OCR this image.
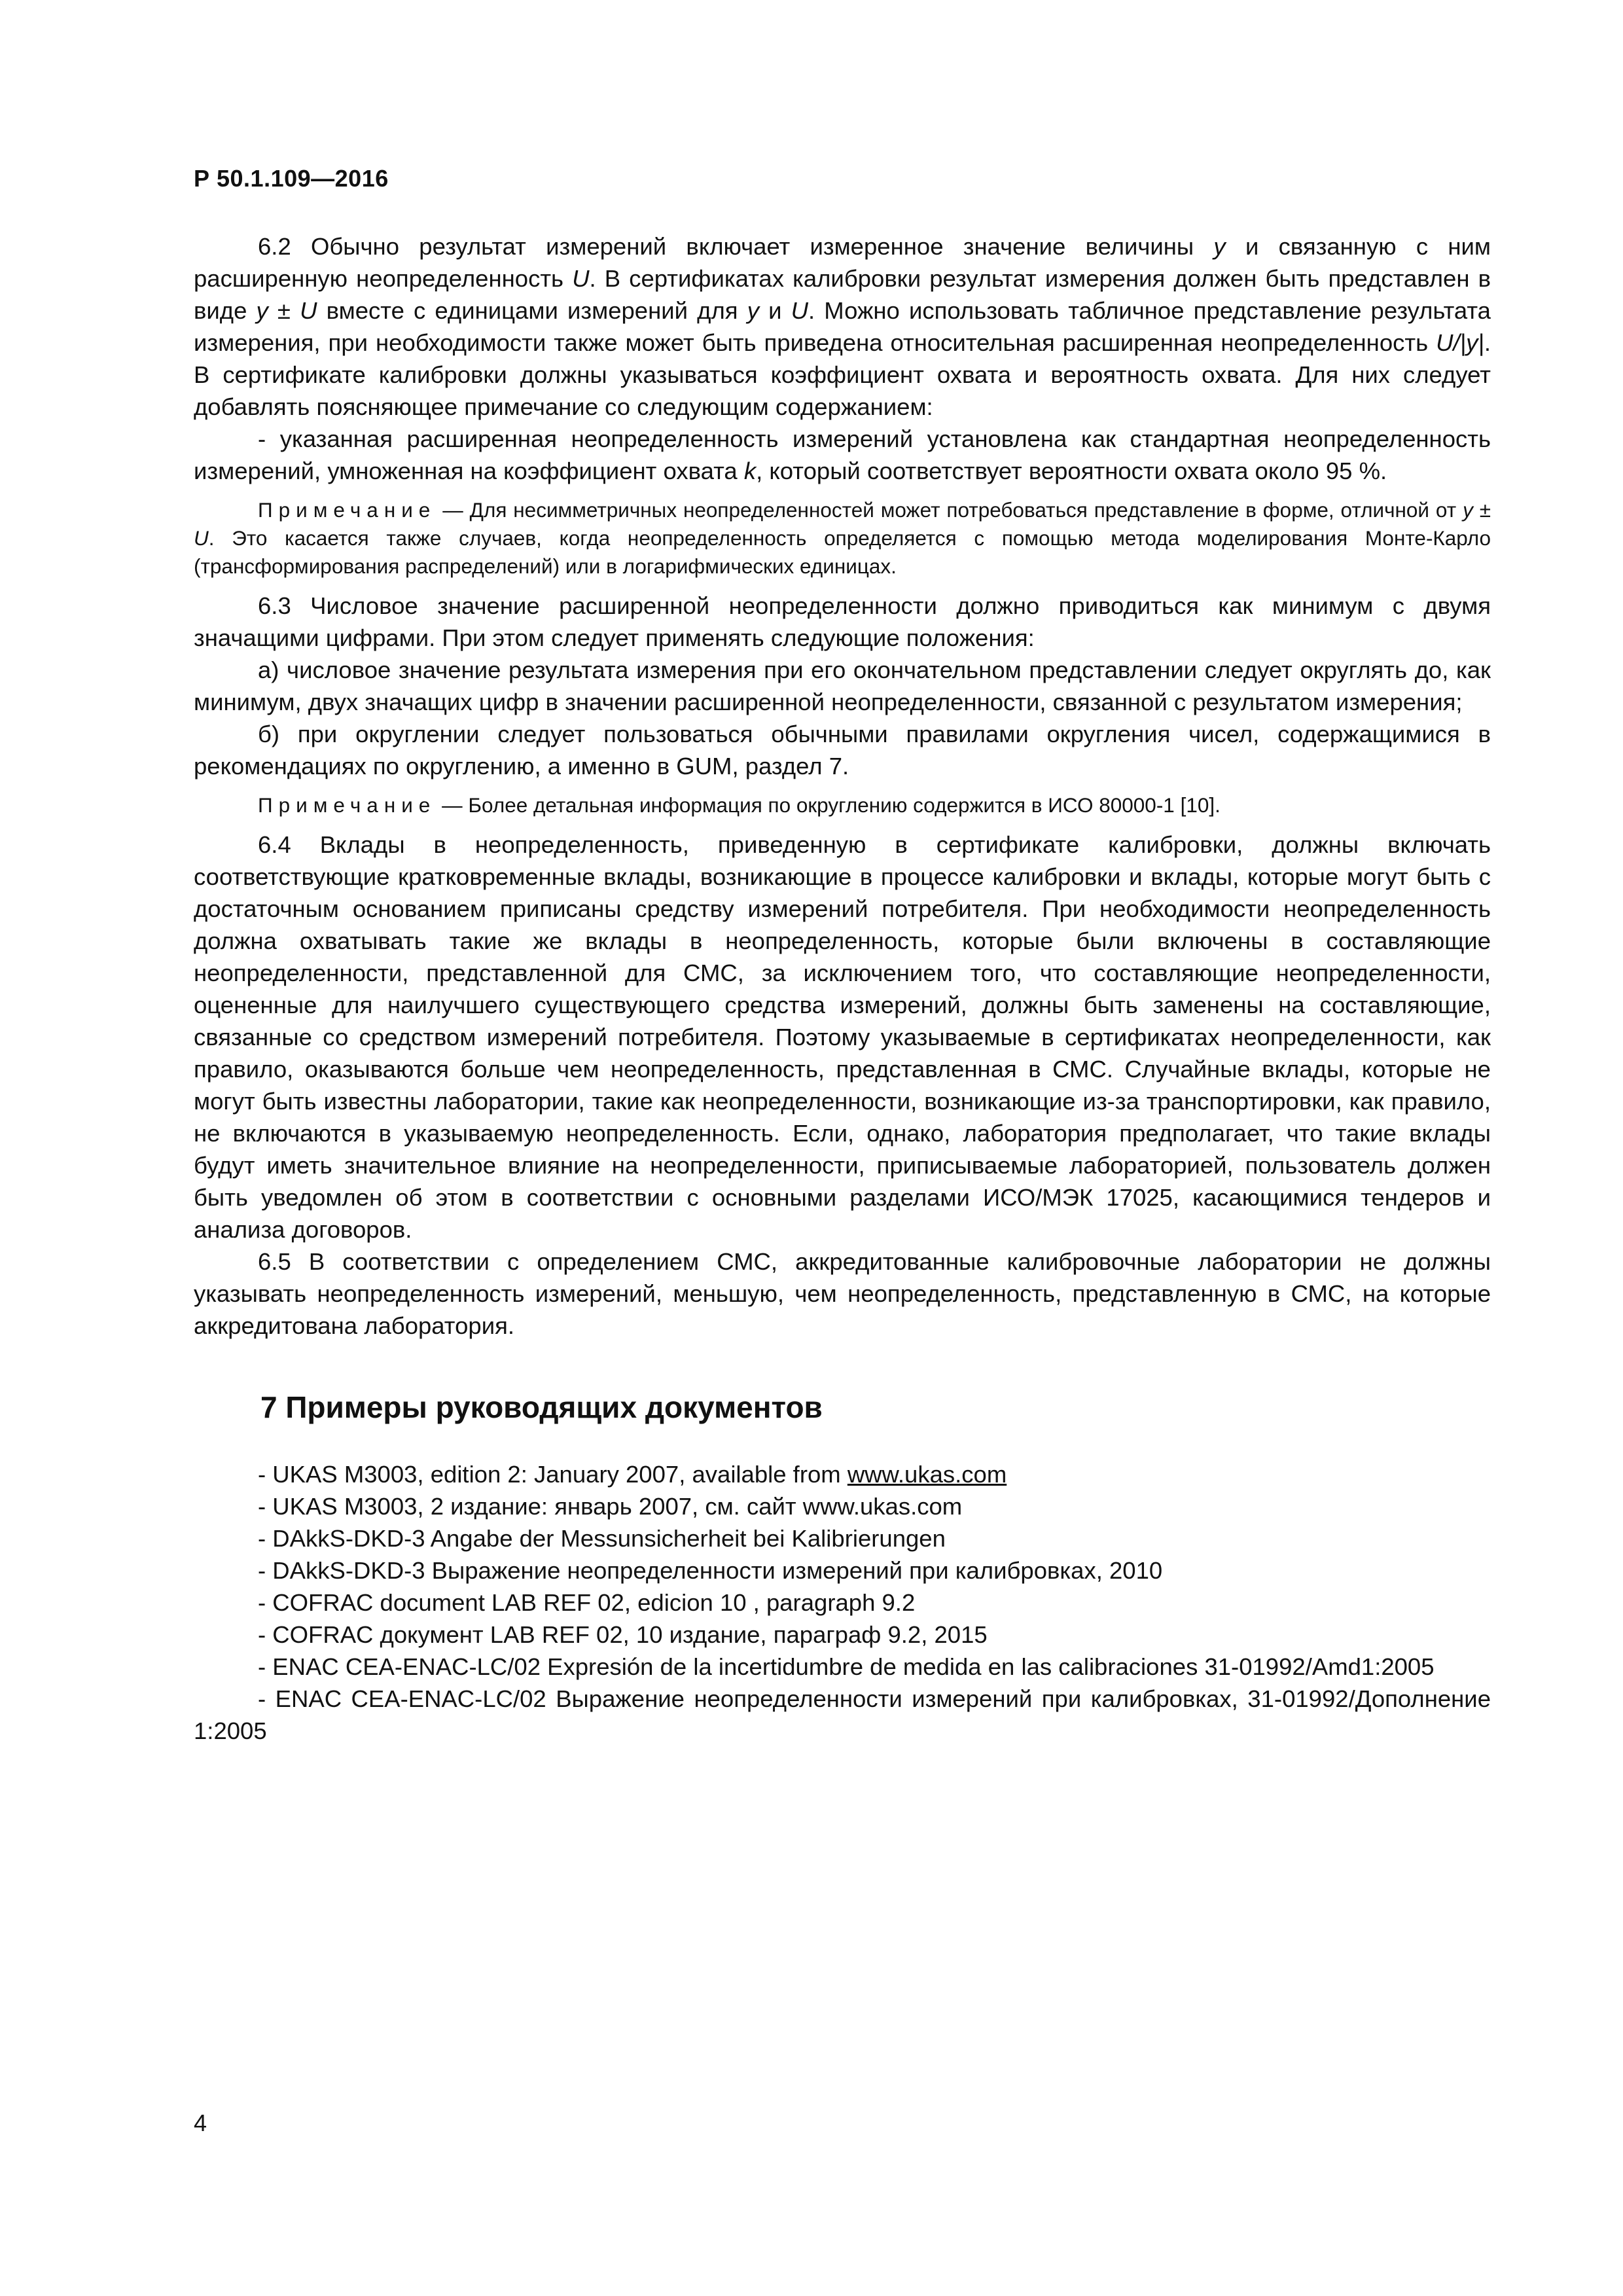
Р 50.1.109—2016

6.2 Обычно результат измерений включает измеренное значение величины y и связанную с ним расширенную неопределенность U. В сертификатах калибровки результат измерения должен быть представлен в виде y ± U вместе с единицами измерений для y и U. Можно использовать табличное представление результата измерения, при необходимости также может быть приведена относительная расширенная неопределенность U/|y|. В сертификате калибровки должны указываться коэффициент охвата и вероятность охвата. Для них следует добавлять поясняющее примечание со следующим содержанием:

- указанная расширенная неопределенность измерений установлена как стандартная неопределенность измерений, умноженная на коэффициент охвата k, который соответствует вероятности охвата около 95 %.

Примечание — Для несимметричных неопределенностей может потребоваться представление в форме, отличной от y ± U. Это касается также случаев, когда неопределенность определяется с помощью метода моделирования Монте-Карло (трансформирования распределений) или в логарифмических единицах.

6.3 Числовое значение расширенной неопределенности должно приводиться как минимум с двумя значащими цифрами. При этом следует применять следующие положения:

а) числовое значение результата измерения при его окончательном представлении следует округлять до, как минимум, двух значащих цифр в значении расширенной неопределенности, связанной с результатом измерения;

б) при округлении следует пользоваться обычными правилами округления чисел, содержащимися в рекомендациях по округлению, а именно в GUM, раздел 7.

Примечание — Более детальная информация по округлению содержится в ИСО 80000-1 [10].

6.4 Вклады в неопределенность, приведенную в сертификате калибровки, должны включать соответствующие кратковременные вклады, возникающие в процессе калибровки и вклады, которые могут быть с достаточным основанием приписаны средству измерений потребителя. При необходимости неопределенность должна охватывать такие же вклады в неопределенность, которые были включены в составляющие неопределенности, представленной для СМС, за исключением того, что составляющие неопределенности, оцененные для наилучшего существующего средства измерений, должны быть заменены на составляющие, связанные со средством измерений потребителя. Поэтому указываемые в сертификатах неопределенности, как правило, оказываются больше чем неопределенность, представленная в СМС. Случайные вклады, которые не могут быть известны лаборатории, такие как неопределенности, возникающие из-за транспортировки, как правило, не включаются в указываемую неопределенность. Если, однако, лаборатория предполагает, что такие вклады будут иметь значительное влияние на неопределенности, приписываемые лабораторией, пользователь должен быть уведомлен об этом в соответствии с основными разделами ИСО/МЭК 17025, касающимися тендеров и анализа договоров.

6.5 В соответствии с определением СМС, аккредитованные калибровочные лаборатории не должны указывать неопределенность измерений, меньшую, чем неопределенность, представленную в СМС, на которые аккредитована лаборатория.

7 Примеры руководящих документов

- UKAS M3003, edition 2: January 2007, available from www.ukas.com

- UKAS M3003, 2 издание: январь 2007, см. сайт www.ukas.com

- DAkkS-DKD-3 Angabe der Messunsicherheit bei Kalibrierungen

- DAkkS-DKD-3 Выражение неопределенности измерений при калибровках, 2010

- COFRAC document LAB REF 02, edicion 10 , paragraph 9.2

- COFRAC документ LAB REF 02, 10 издание, параграф 9.2, 2015

- ENAC CEA-ENAC-LC/02 Expresión de la incertidumbre de medida en las calibraciones 31-01992/Amd1:2005

- ENAC CEA-ENAC-LC/02 Выражение неопределенности измерений при калибровках, 31-01992/Дополнение 1:2005

4
